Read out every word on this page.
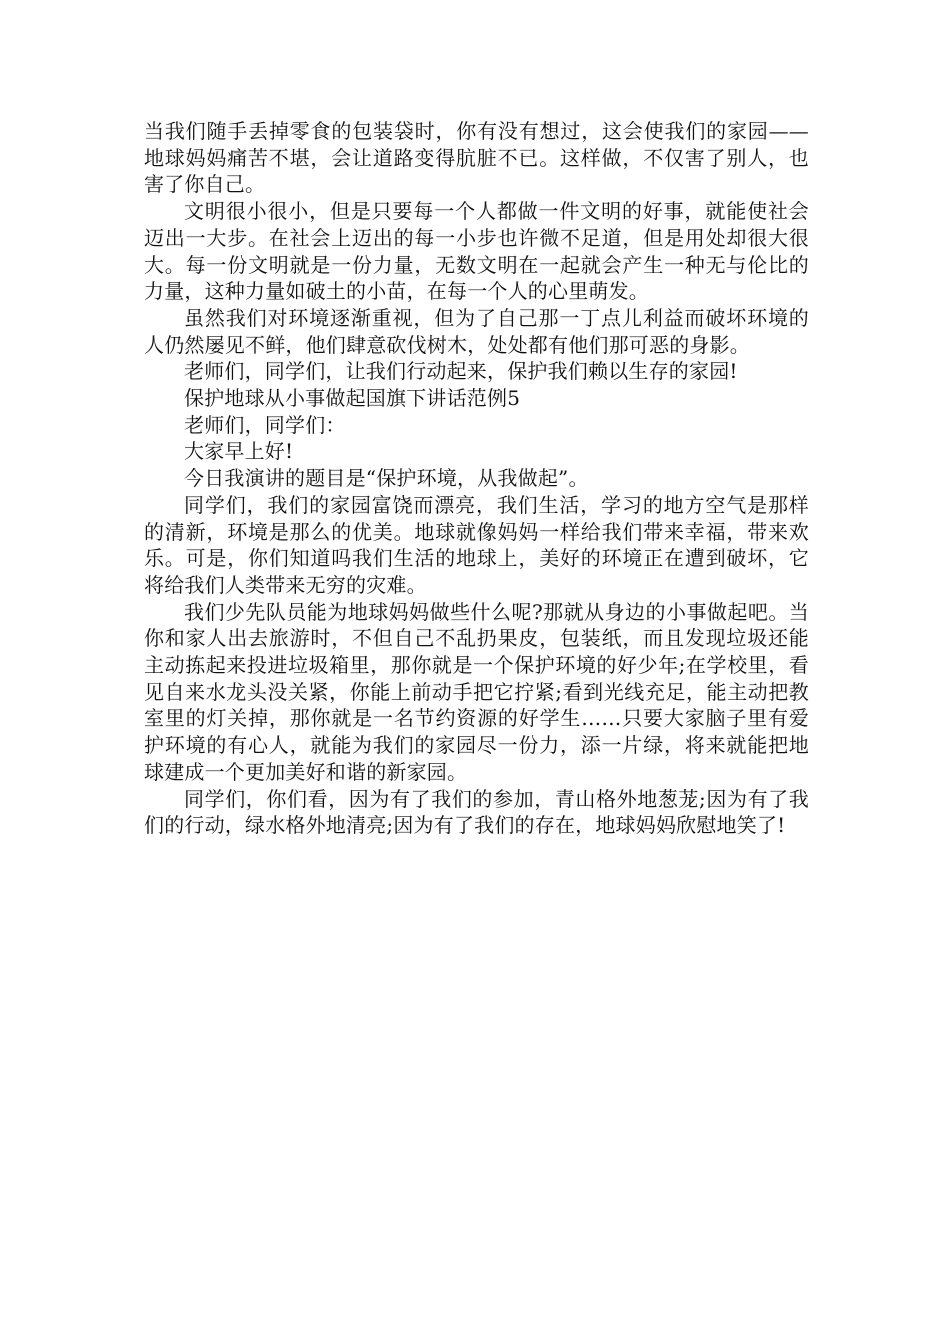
当我们随手丢掉零食的包装袋时，你有没有想过，这会使我们的家园——地球妈妈痛苦不堪，会让道路变得肮脏不已。这样做，不仅害了别人，也害了你自己。

文明很小很小，但是只要每一个人都做一件文明的好事，就能使社会迈出一大步。在社会上迈出的每一小步也许微不足道，但是用处却很大很大。每一份文明就是一份力量，无数文明在一起就会产生一种无与伦比的力量，这种力量如破土的小苗，在每一个人的心里萌发。

虽然我们对环境逐渐重视，但为了自己那一丁点儿利益而破坏环境的人仍然屡见不鲜，他们肆意砍伐树木，处处都有他们那可恶的身影。

老师们，同学们，让我们行动起来，保护我们赖以生存的家园!

保护地球从小事做起国旗下讲话范例5

老师们，同学们：

大家早上好!

今日我演讲的题目是“保护环境，从我做起”。

同学们，我们的家园富饶而漂亮，我们生活，学习的地方空气是那样的清新，环境是那么的优美。地球就像妈妈一样给我们带来幸福，带来欢乐。可是，你们知道吗我们生活的地球上，美好的环境正在遭到破坏，它将给我们人类带来无穷的灾难。

我们少先队员能为地球妈妈做些什么呢?那就从身边的小事做起吧。当你和家人出去旅游时，不但自己不乱扔果皮，包装纸，而且发现垃圾还能主动拣起来投进垃圾箱里，那你就是一个保护环境的好少年;在学校里，看见自来水龙头没关紧，你能上前动手把它拧紧;看到光线充足，能主动把教室里的灯关掉，那你就是一名节约资源的好学生……只要大家脑子里有爱护环境的有心人，就能为我们的家园尽一份力，添一片绿，将来就能把地球建成一个更加美好和谐的新家园。

同学们，你们看，因为有了我们的参加，青山格外地葱茏;因为有了我们的行动，绿水格外地清亮;因为有了我们的存在，地球妈妈欣慰地笑了!
